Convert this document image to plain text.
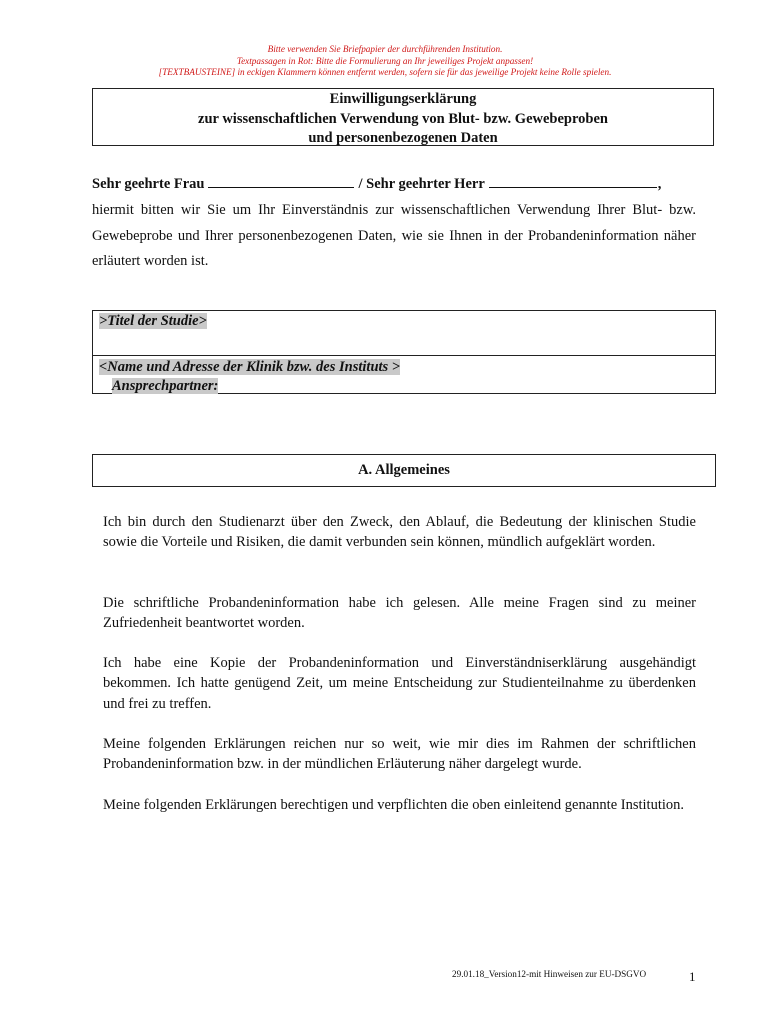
Bitte verwenden Sie Briefpapier der durchführenden Institution.
Textpassagen in Rot: Bitte die Formulierung an Ihr jeweiliges Projekt anpassen!
[TEXTBAUSTEINE] in eckigen Klammern können entfernt werden, sofern sie für das jeweilige Projekt keine Rolle spielen.
Einwilligungserklärung
zur wissenschaftlichen Verwendung von Blut- bzw. Gewebeproben
und personenbezogenen Daten
Sehr geehrte Frau	/ Sehr geehrter Herr	,
hiermit bitten wir Sie um Ihr Einverständnis zur wissenschaftlichen Verwendung Ihrer Blut- bzw. Gewebeprobe und Ihrer personenbezogenen Daten, wie sie Ihnen in der Probandeninformation näher erläutert worden ist.
>Titel der Studie>
<Name und Adresse der Klinik bzw. des Instituts >
Ansprechpartner:
A. Allgemeines

Ich bin durch den Studienarzt über den Zweck, den Ablauf, die Bedeutung der klinischen Studie sowie die Vorteile und Risiken, die damit verbunden sein können, mündlich aufgeklärt worden.

Die schriftliche Probandeninformation habe ich gelesen. Alle meine Fragen sind zu meiner Zufriedenheit beantwortet worden.

Ich habe eine Kopie der Probandeninformation und Einverständniserklärung ausgehändigt bekommen. Ich hatte genügend Zeit, um meine Entscheidung zur Studienteilnahme zu überdenken und frei zu treffen.

Meine folgenden Erklärungen reichen nur so weit, wie mir dies im Rahmen der schriftlichen Probandeninformation bzw. in der mündlichen Erläuterung näher dargelegt wurde.

Meine folgenden Erklärungen berechtigen und verpflichten die oben einleitend genannte Institution.

29.01.18_Version12-mit Hinweisen zur EU-DSGVO	1
